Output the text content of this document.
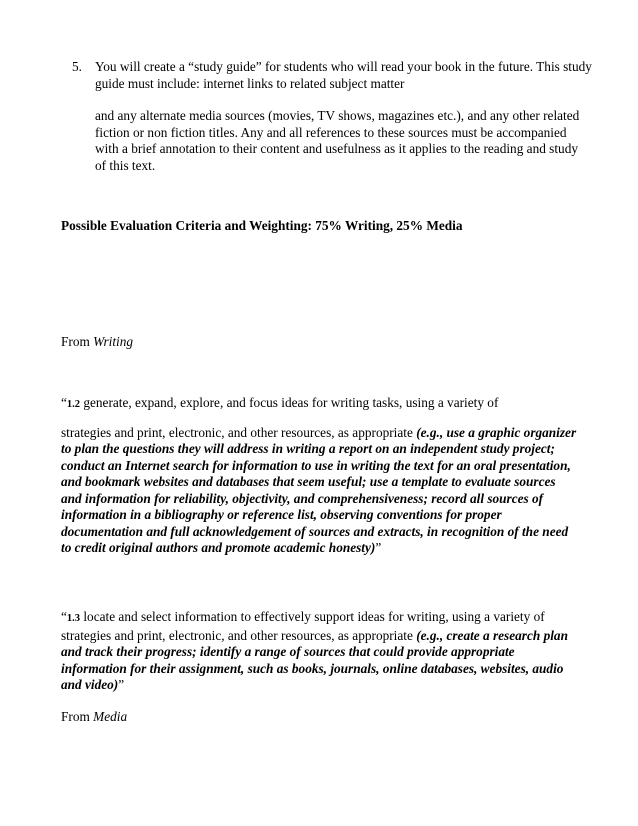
5. You will create a “study guide” for students who will read your book in the future. This study guide must include: internet links to related subject matter

and any alternate media sources (movies, TV shows, magazines etc.), and any other related fiction or non fiction titles. Any and all references to these sources must be accompanied with a brief annotation to their content and usefulness as it applies to the reading and study of this text.

Possible Evaluation Criteria and Weighting: 75% Writing, 25% Media
From Writing

“1.2 generate, expand, explore, and focus ideas for writing tasks, using a variety of

strategies and print, electronic, and other resources, as appropriate (e.g., use a graphic organizer to plan the questions they will address in writing a report on an independent study project; conduct an Internet search for information to use in writing the text for an oral presentation, and bookmark websites and databases that seem useful; use a template to evaluate sources and information for reliability, objectivity, and comprehensiveness; record all sources of information in a bibliography or reference list, observing conventions for proper documentation and full acknowledgement of sources and extracts, in recognition of the need to credit original authors and promote academic honesty)”

“1.3 locate and select information to effectively support ideas for writing, using a variety of strategies and print, electronic, and other resources, as appropriate (e.g., create a research plan and track their progress; identify a range of sources that could provide appropriate information for their assignment, such as books, journals, online databases, websites, audio and video)”

From Media
